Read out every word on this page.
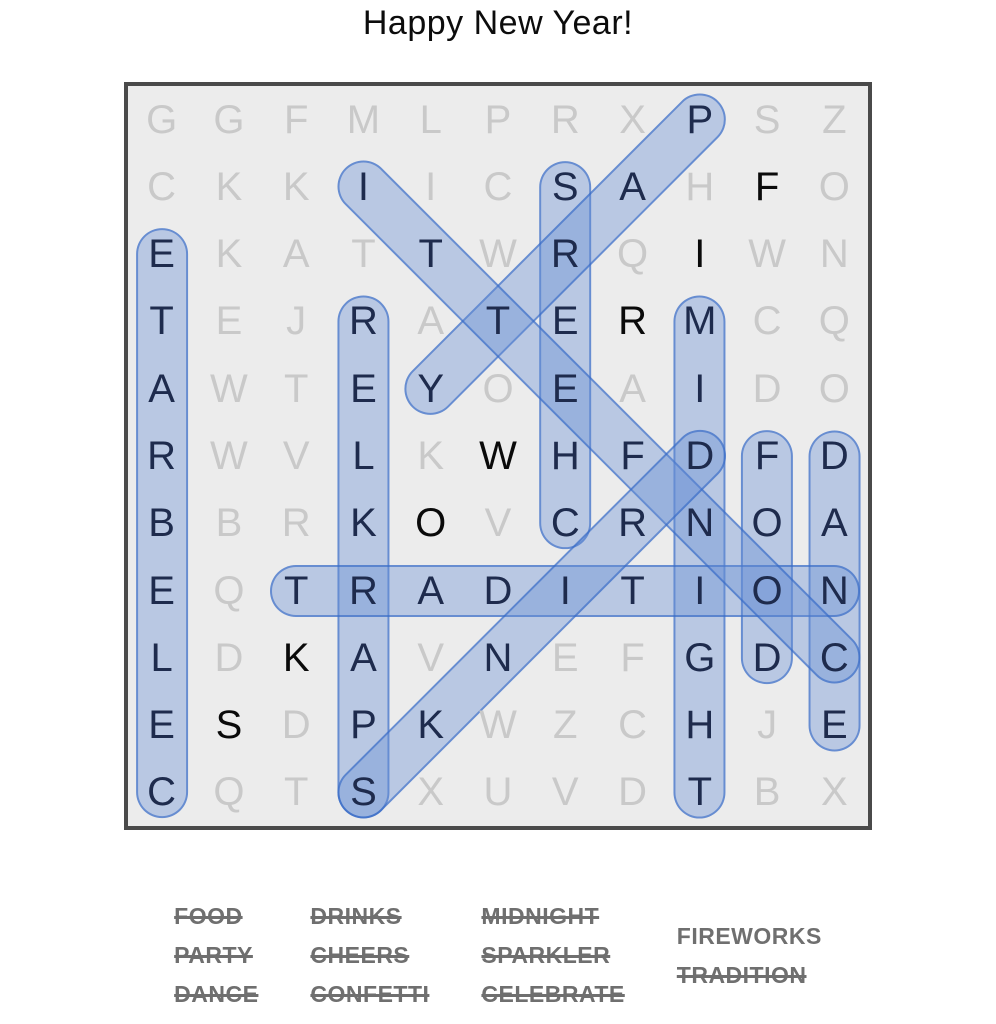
Happy New Year!
G G F M L P R X P S Z
C K K I I C S A H F O
E K A T T W R Q I W N
T E J R A T E R M C Q
A W T E Y O E A I D O
R W V L K W H F D F D
B B R K O V C R N O A
E Q T R A D I T I O N
L D K A V N E F G D C
E S D P K W Z C H J E
C Q T S X U V D T B X
FOOD
PARTY
DANCE
DRINKS
CHEERS
CONFETTI
MIDNIGHT
SPARKLER
CELEBRATE
FIREWORKS
TRADITION
